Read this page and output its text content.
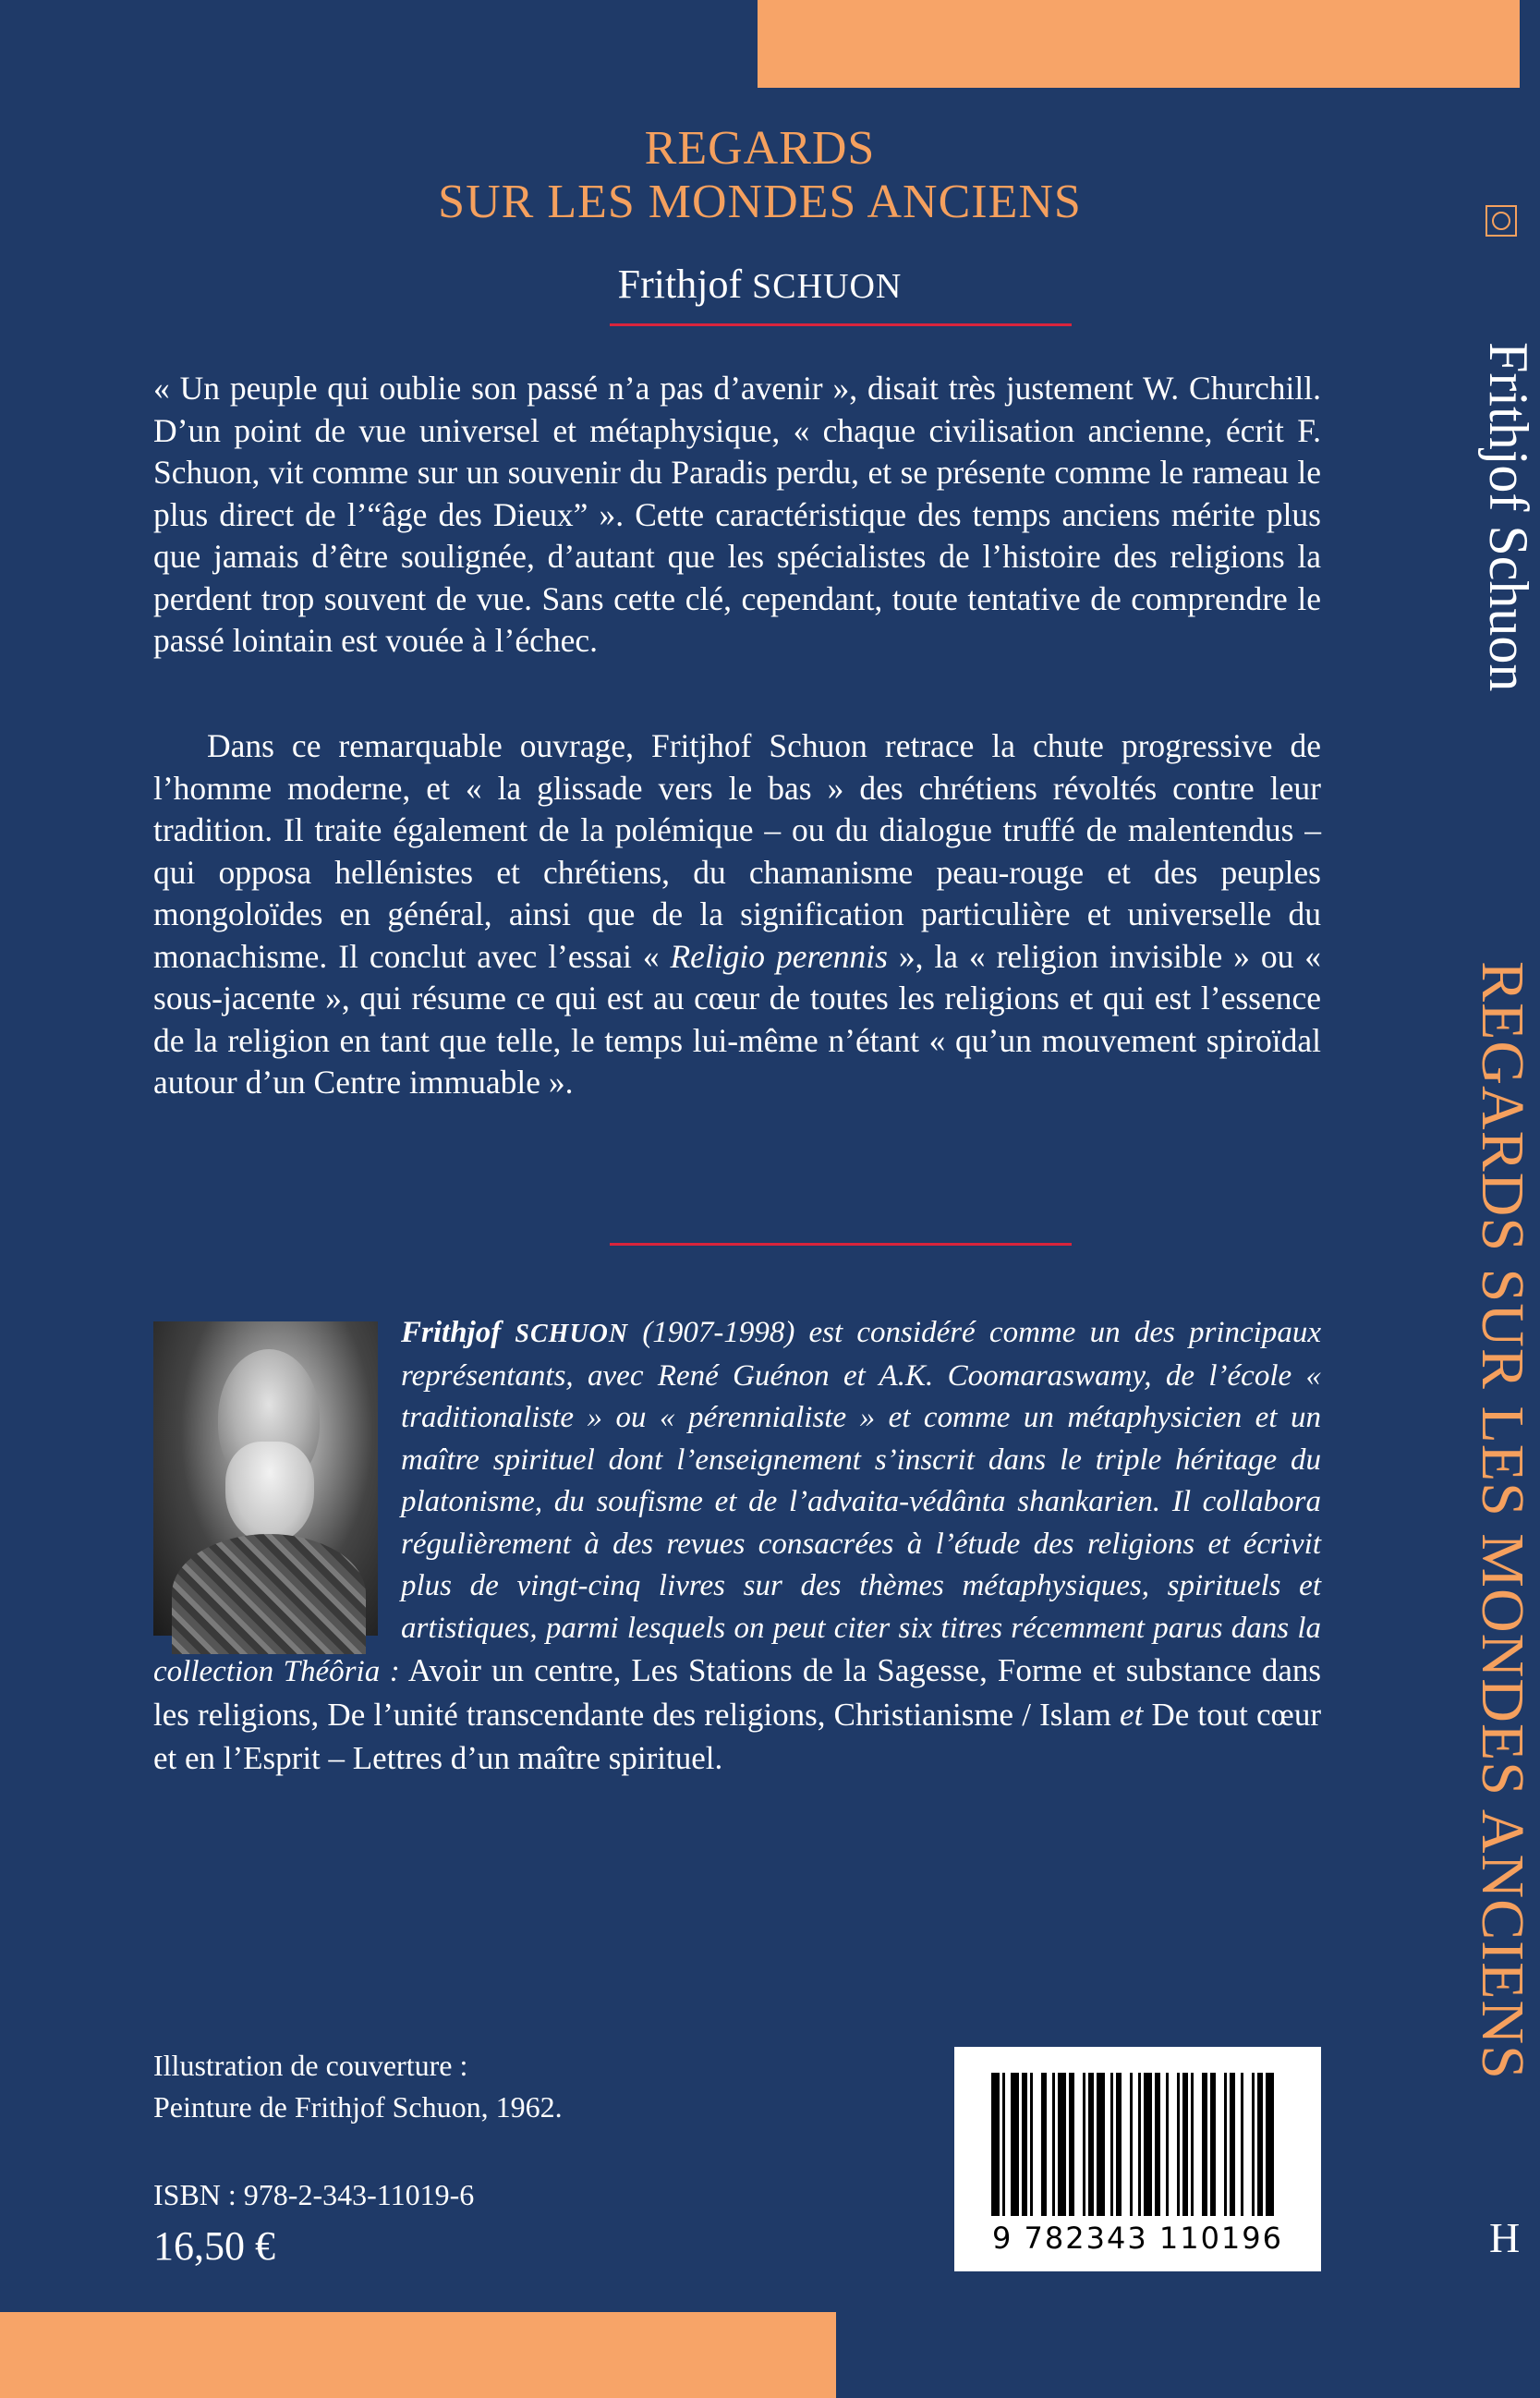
REGARDS
SUR LES MONDES ANCIENS
Frithjof SCHUON
« Un peuple qui oublie son passé n’a pas d’avenir », disait très justement W. Churchill. D’un point de vue universel et métaphysique, « chaque civilisation ancienne, écrit F. Schuon, vit comme sur un souvenir du Paradis perdu, et se présente comme le rameau le plus direct de l’“âge des Dieux” ». Cette caractéristique des temps anciens mérite plus que jamais d’être soulignée, d’autant que les spécialistes de l’histoire des religions la perdent trop souvent de vue. Sans cette clé, cependant, toute tentative de comprendre le passé lointain est vouée à l’échec.
Dans ce remarquable ouvrage, Fritjhof Schuon retrace la chute progressive de l’homme moderne, et « la glissade vers le bas » des chrétiens révoltés contre leur tradition. Il traite également de la polémique – ou du dialogue truffé de malentendus – qui opposa hellénistes et chrétiens, du chamanisme peau-rouge et des peuples mongoloïdes en général, ainsi que de la signification particulière et universelle du monachisme. Il conclut avec l’essai « Religio perennis », la « religion invisible » ou « sous-jacente », qui résume ce qui est au cœur de toutes les religions et qui est l’essence de la religion en tant que telle, le temps lui-même n’étant « qu’un mouvement spiroïdal autour d’un Centre immuable ».
Frithjof SCHUON (1907-1998) est considéré comme un des principaux représentants, avec René Guénon et A.K. Coomaraswamy, de l’école « traditionaliste » ou « pérennialiste » et comme un métaphysicien et un maître spirituel dont l’enseignement s’inscrit dans le triple héritage du platonisme, du soufisme et de l’advaita-védânta shankarien. Il collabora régulièrement à des revues consacrées à l’étude des religions et écrivit plus de vingt-cinq livres sur des thèmes métaphysiques, spirituels et artistiques, parmi lesquels on peut citer six titres récemment parus dans la collection Théôria : Avoir un centre, Les Stations de la Sagesse, Forme et substance dans les religions, De l’unité transcendante des religions, Christianisme / Islam et De tout cœur et en l’Esprit – Lettres d’un maître spirituel.
Illustration de couverture :
Peinture de Frithjof Schuon, 1962.
ISBN : 978-2-343-11019-6
16,50 €	9 782343 110196
Frithjof Schuon
REGARDS SUR LES MONDES ANCIENS
H
